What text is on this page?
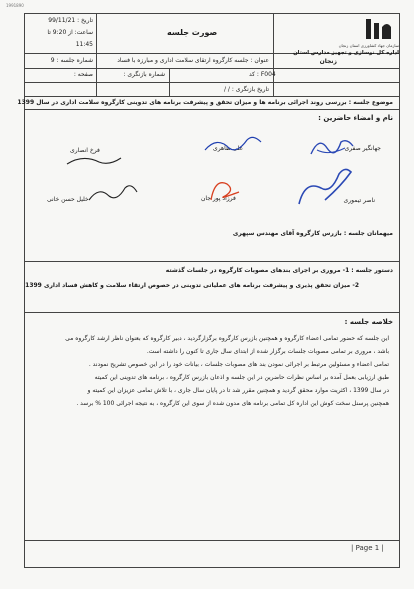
1991890
تاریخ : 99/11/21
ساعت: از 9:20 تا
11:45
شماره جلسه : 9
صفحه :
صورت جلسه
عنوان : جلسه کارگروه ارتقای سلامت اداری و مبارزه با فساد
شماره بازنگری :	F004 : کد
تاریخ بازنگری : / /
سازمان جهاد کشاورزی استان زنجان
اداره کل نوسازی و تجهیز مدارس استان
زنجان
موضوع جلسه : بررسی روند اجرائی برنامه ها و میزان تحقق و پیشرفت برنامه های تدوینی کارگروه سلامت اداری در سال 1399
نام و امضاء حاضرین :
جهانگیر صفری
علی طاهری
فرخ انصاری
فرزاد پور جان	ناصر تیموری
خلیل حسن خانی
میهمانان جلسه : بازرس کارگروه آقای مهندس سپهری
دستور جلسه : 1- مروری بر اجرای بندهای مصوبات کارگروه در جلسات گذشته
2- میزان تحقق پذیری و پیشرفت برنامه های عملیاتی تدوینی در خصوص ارتقاء سلامت و کاهش فساد اداری 1399
خلاصه جلسه :

این جلسه که حضور تمامی اعضاء کارگروه و همچنین بازرس کارگروه برگزارگردید ، دبیر کارگروه که بعنوان ناظر ارشد کارگروه می

باشد ، مروری بر تمامی مصوبات جلسات برگزار شده از ابتدای سال جاری تا کنون را داشته است.

تمامی اعضاء و مسئولین مرتبط بر اجرائی نمودن بند های مصوبات جلسات ، بیانات خود را در این خصوص تشریح نمودند .

طبق ارزیابی بعمل آمده بر اساس نظرات حاضرین در این جلسه و اذعان بازرس کارگروه ، برنامه های تدوینی این کمیته

در سال 1399 ، اکثریت موارد محقق گردید و همچنین مقرر شد تا در پایان سال جاری ، با تلاش تمامی عزیزان این کمیته و

همچنین پرسنل سخت کوش این اداره کل تمامی برنامه های مدون شده از سوی این کارگروه ، به نتیجه اجرائی 100 % برسد .

| Page 1 |
